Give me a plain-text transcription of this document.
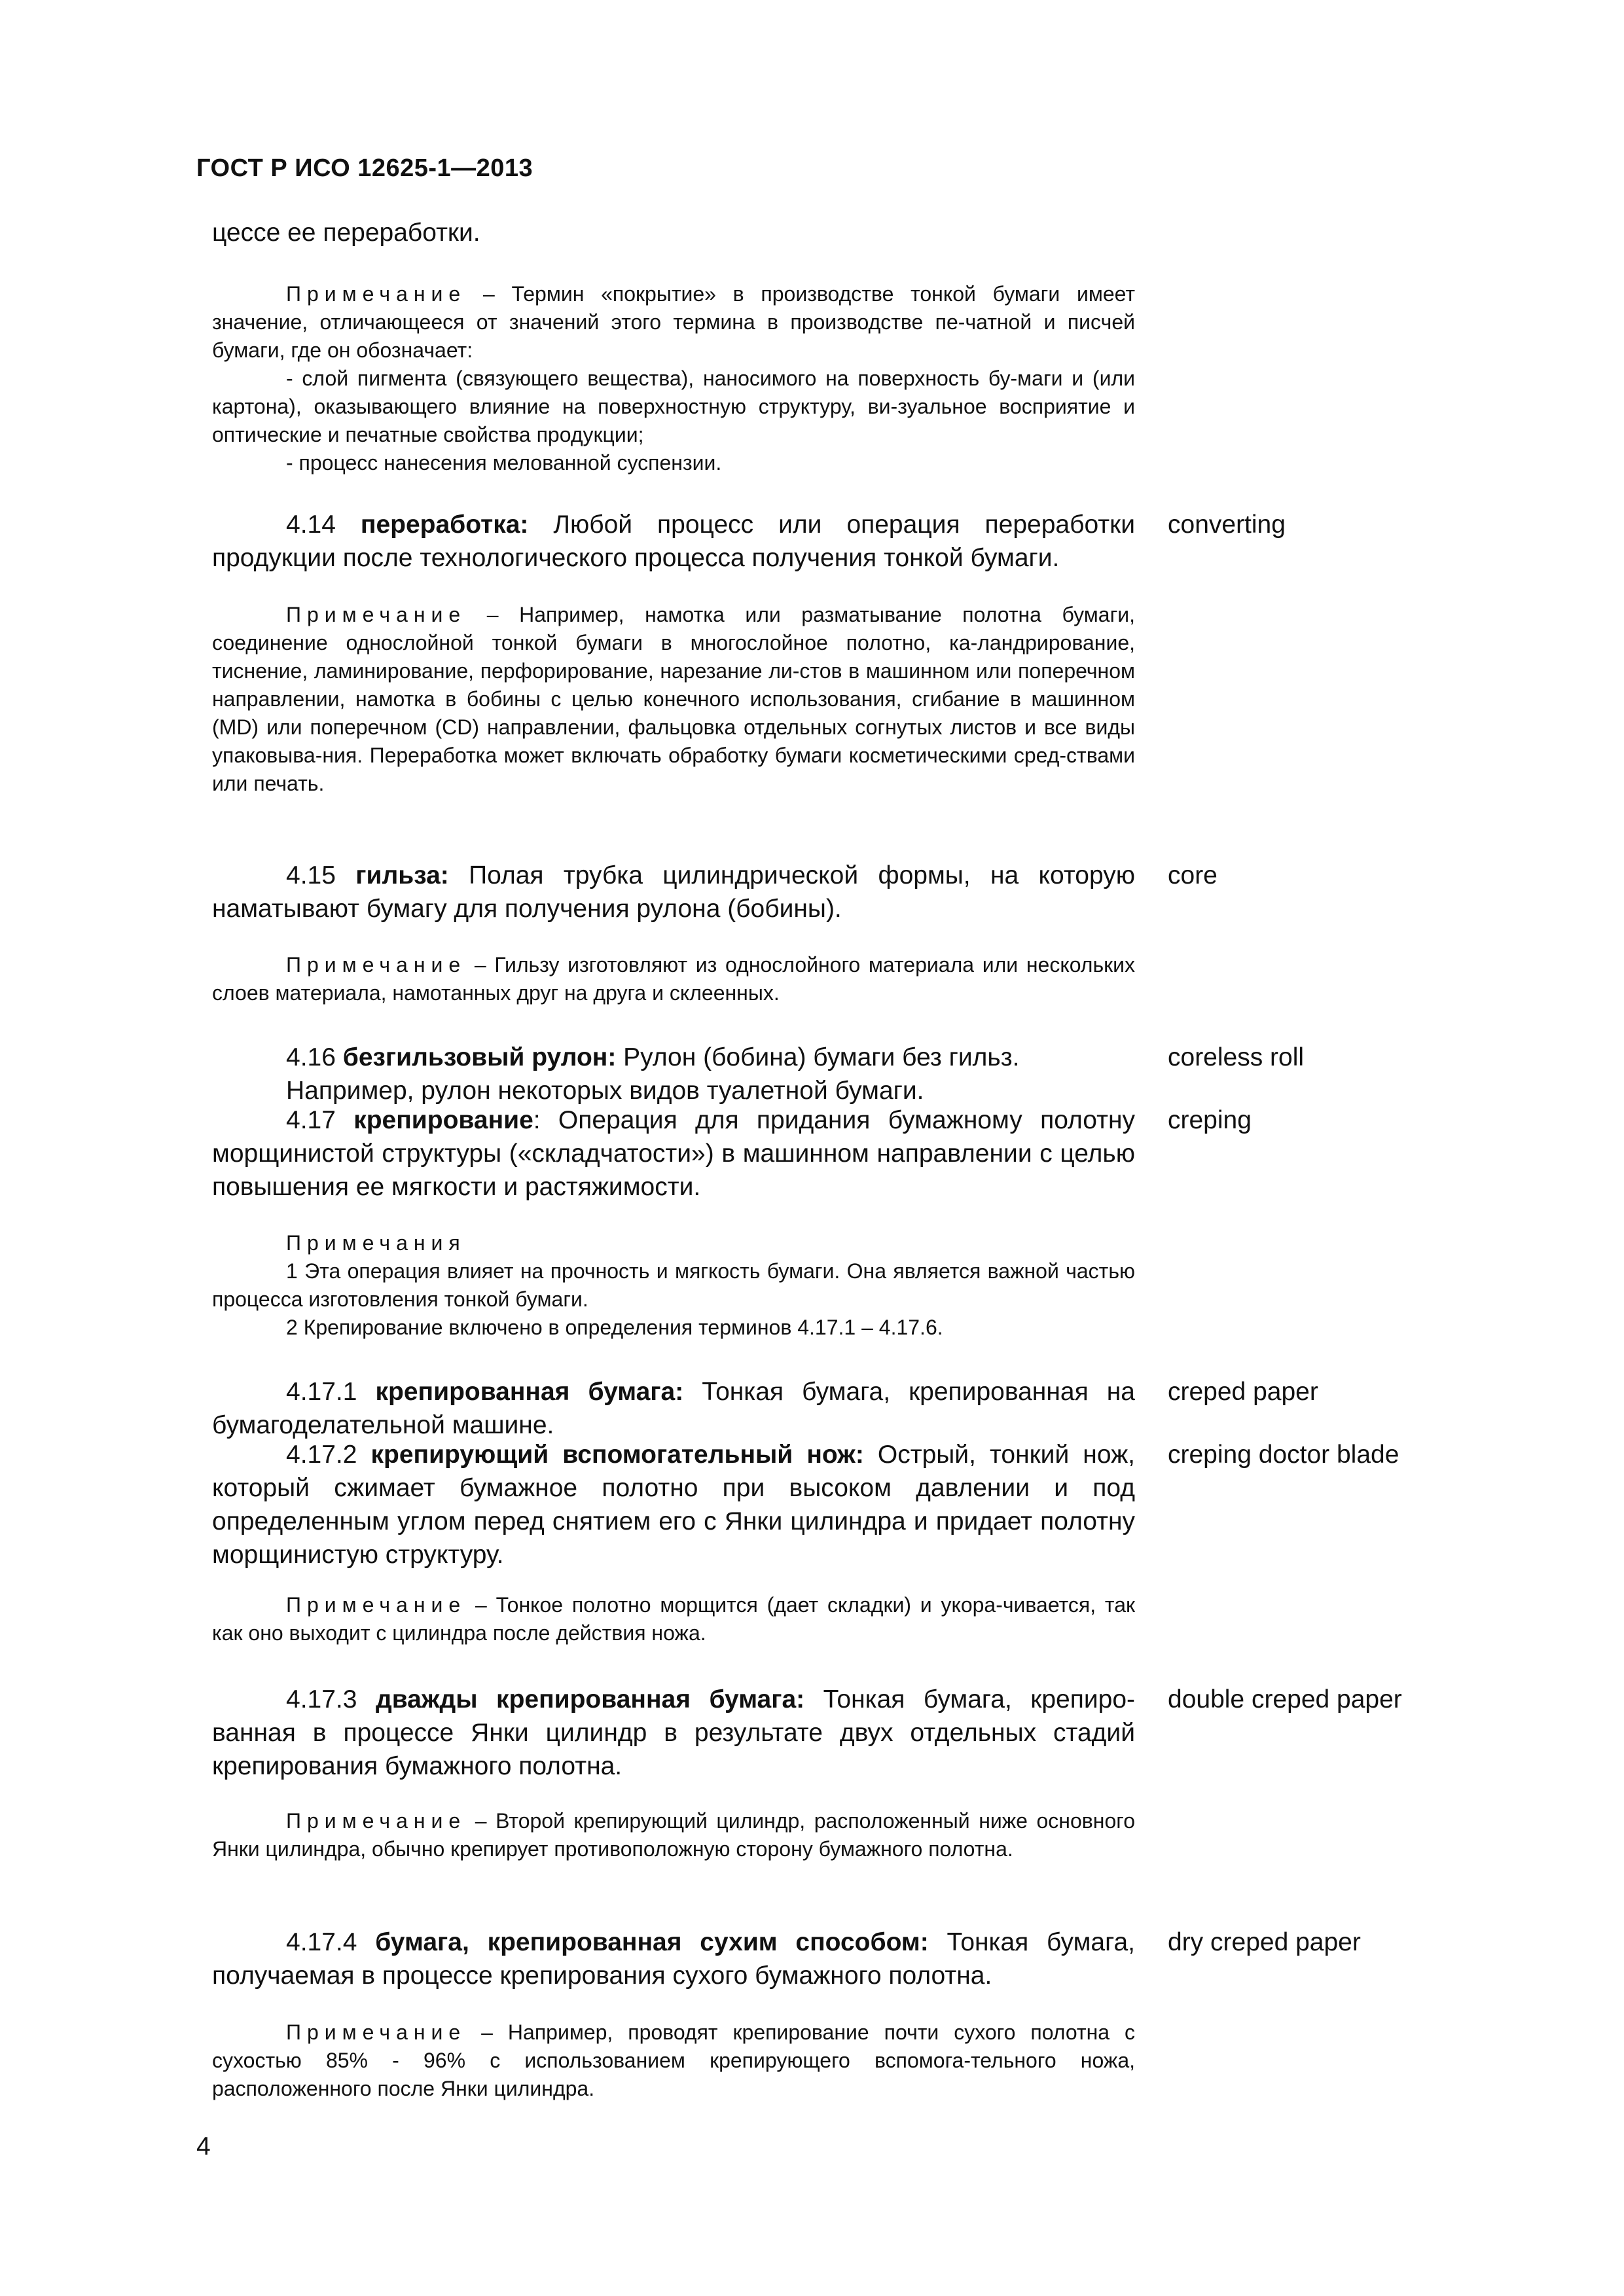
ГОСТ Р ИСО 12625-1—2013
цессе ее переработки.

Примечание – Термин «покрытие» в производстве тонкой бумаги имеет значение, отличающееся от значений этого термина в производстве пе-чатной и писчей бумаги, где он обозначает:

- слой пигмента (связующего вещества), наносимого на поверхность бу-маги и (или картона), оказывающего влияние на поверхностную структуру, ви-зуальное восприятие и оптические и печатные свойства продукции;

- процесс нанесения мелованной суспензии.

4.14 переработка: Любой процесс или операция переработки продукции после технологического процесса получения тонкой бумаги.
converting
Примечание – Например, намотка или разматывание полотна бумаги, соединение однослойной тонкой бумаги в многослойное полотно, ка-ландрирование, тиснение, ламинирование, перфорирование, нарезание ли-стов в машинном или поперечном направлении, намотка в бобины с целью конечного использования, сгибание в машинном (MD) или поперечном (CD) направлении, фальцовка отдельных согнутых листов и все виды упаковыва-ния. Переработка может включать обработку бумаги косметическими сред-ствами или печать.
4.15 гильза: Полая трубка цилиндрической формы, на которую наматывают бумагу для получения рулона (бобины).
core
Примечание – Гильзу изготовляют из однослойного материала или нескольких слоев материала, намотанных друг на друга и склеенных.
4.16 безгильзовый рулон: Рулон (бобина) бумаги без гильз.	coreless roll
Например, рулон некоторых видов туалетной бумаги.
4.17 крепирование: Операция для придания бумажному полотну морщинистой структуры («складчатости») в машинном направлении с целью повышения ее мягкости и растяжимости.
creping

Примечания

1 Эта операция влияет на прочность и мягкость бумаги. Она является важной частью процесса изготовления тонкой бумаги.

2 Крепирование включено в определения терминов 4.17.1 – 4.17.6.

4.17.1 крепированная бумага: Тонкая бумага, крепированная на бумагоделательной машине.
creped paper
4.17.2 крепирующий вспомогательный нож: Острый, тонкий нож, который сжимает бумажное полотно при высоком давлении и под определенным углом перед снятием его с Янки цилиндра и придает полотну морщинистую структуру.
creping doctor blade
Примечание – Тонкое полотно морщится (дает складки) и укора-чивается, так как оно выходит с цилиндра после действия ножа.
4.17.3 дважды крепированная бумага: Тонкая бумага, крепиро-ванная в процессе Янки цилиндр в результате двух отдельных стадий крепирования бумажного полотна.
double creped paper
Примечание – Второй крепирующий цилиндр, расположенный ниже основного Янки цилиндра, обычно крепирует противоположную сторону бумажного полотна.
4.17.4 бумага, крепированная сухим способом: Тонкая бумага, получаемая в процессе крепирования сухого бумажного полотна.
dry creped paper
Примечание – Например, проводят крепирование почти сухого полотна с сухостью 85% - 96% с использованием крепирующего вспомога-тельного ножа, расположенного после Янки цилиндра.
4
